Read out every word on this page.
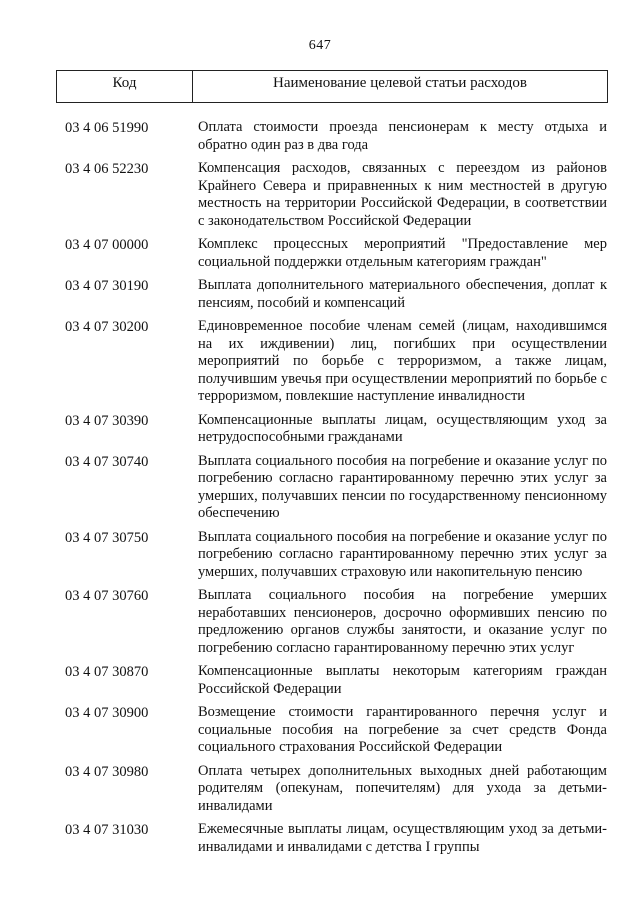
647
Код	Наименование целевой статьи расходов
03 4 06 51990	Оплата стоимости проезда пенсионерам к месту отдыха и обратно один раз в два года
03 4 06 52230	Компенсация расходов, связанных с переездом из районов Крайнего Севера и приравненных к ним местностей в другую местность на территории Российской Федерации, в соответствии с законодательством Российской Федерации
03 4 07 00000	Комплекс процессных мероприятий "Предоставление мер социальной поддержки отдельным категориям граждан"
03 4 07 30190	Выплата дополнительного материального обеспечения, доплат к пенсиям, пособий и компенсаций
03 4 07 30200	Единовременное пособие членам семей (лицам, находившимся на их иждивении) лиц, погибших при осуществлении мероприятий по борьбе с терроризмом, а также лицам, получившим увечья при осуществлении мероприятий по борьбе с терроризмом, повлекшие наступление инвалидности
03 4 07 30390	Компенсационные выплаты лицам, осуществляющим уход за нетрудоспособными гражданами
03 4 07 30740	Выплата социального пособия на погребение и оказание услуг по погребению согласно гарантированному перечню этих услуг за умерших, получавших пенсии по государственному пенсионному обеспечению
03 4 07 30750	Выплата социального пособия на погребение и оказание услуг по погребению согласно гарантированному перечню этих услуг за умерших, получавших страховую или накопительную пенсию
03 4 07 30760	Выплата социального пособия на погребение умерших неработавших пенсионеров, досрочно оформивших пенсию по предложению органов службы занятости, и оказание услуг по погребению согласно гарантированному перечню этих услуг
03 4 07 30870	Компенсационные выплаты некоторым категориям граждан Российской Федерации
03 4 07 30900	Возмещение стоимости гарантированного перечня услуг и социальные пособия на погребение за счет средств Фонда социального страхования Российской Федерации
03 4 07 30980	Оплата четырех дополнительных выходных дней работающим родителям (опекунам, попечителям) для ухода за детьми-инвалидами
03 4 07 31030	Ежемесячные выплаты лицам, осуществляющим уход за детьми-инвалидами и инвалидами с детства I группы
